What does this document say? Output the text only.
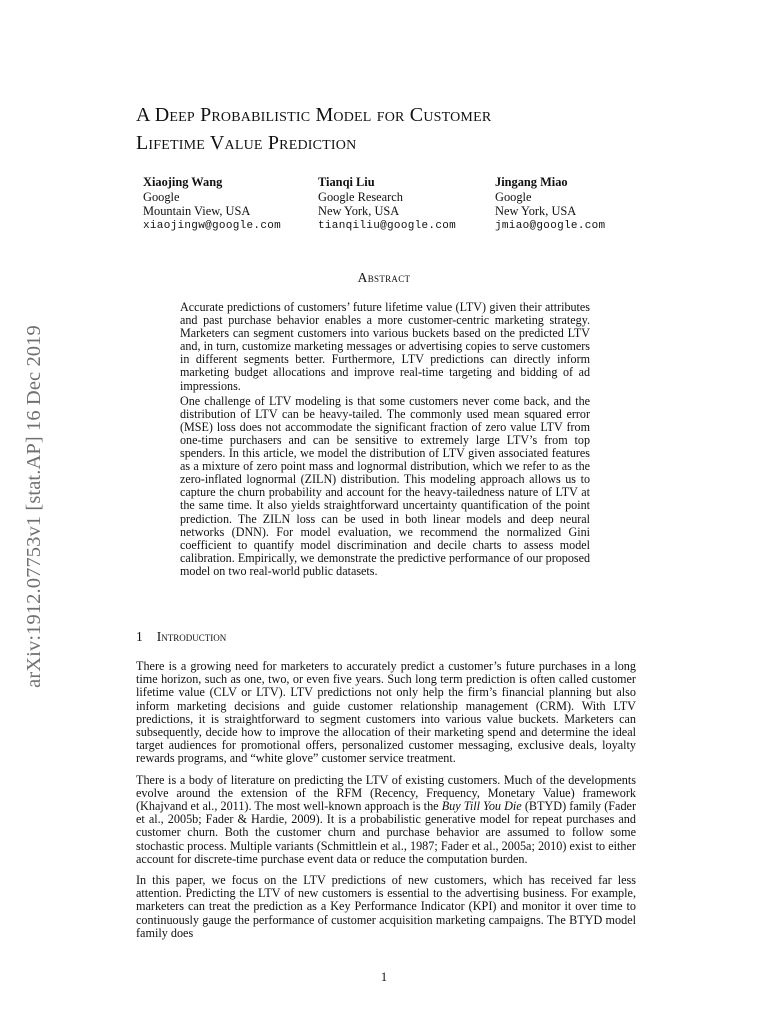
arXiv:1912.07753v1 [stat.AP] 16 Dec 2019
A Deep Probabilistic Model for Customer
Lifetime Value Prediction
Xiaojing Wang
Google
Mountain View, USA
xiaojingw@google.com
Tianqi Liu
Google Research
New York, USA
tianqiliu@google.com
Jingang Miao
Google
New York, USA
jmiao@google.com
Abstract

Accurate predictions of customers’ future lifetime value (LTV) given their attributes and past purchase behavior enables a more customer-centric marketing strategy. Marketers can segment customers into various buckets based on the predicted LTV and, in turn, customize marketing messages or advertising copies to serve customers in different segments better. Furthermore, LTV predictions can directly inform marketing budget allocations and improve real-time targeting and bidding of ad impressions.

One challenge of LTV modeling is that some customers never come back, and the distribution of LTV can be heavy-tailed. The commonly used mean squared error (MSE) loss does not accommodate the significant fraction of zero value LTV from one-time purchasers and can be sensitive to extremely large LTV’s from top spenders. In this article, we model the distribution of LTV given associated features as a mixture of zero point mass and lognormal distribution, which we refer to as the zero-inflated lognormal (ZILN) distribution. This modeling approach allows us to capture the churn probability and account for the heavy-tailedness nature of LTV at the same time. It also yields straightforward uncertainty quantification of the point prediction. The ZILN loss can be used in both linear models and deep neural networks (DNN). For model evaluation, we recommend the normalized Gini coefficient to quantify model discrimination and decile charts to assess model calibration. Empirically, we demonstrate the predictive performance of our proposed model on two real-world public datasets.

1 Introduction

There is a growing need for marketers to accurately predict a customer’s future purchases in a long time horizon, such as one, two, or even five years. Such long term prediction is often called customer lifetime value (CLV or LTV). LTV predictions not only help the firm’s financial planning but also inform marketing decisions and guide customer relationship management (CRM). With LTV predictions, it is straightforward to segment customers into various value buckets. Marketers can subsequently, decide how to improve the allocation of their marketing spend and determine the ideal target audiences for promotional offers, personalized customer messaging, exclusive deals, loyalty rewards programs, and “white glove” customer service treatment.

There is a body of literature on predicting the LTV of existing customers. Much of the developments evolve around the extension of the RFM (Recency, Frequency, Monetary Value) framework (Khajvand et al., 2011). The most well-known approach is the Buy Till You Die (BTYD) family (Fader et al., 2005b; Fader & Hardie, 2009). It is a probabilistic generative model for repeat purchases and customer churn. Both the customer churn and purchase behavior are assumed to follow some stochastic process. Multiple variants (Schmittlein et al., 1987; Fader et al., 2005a; 2010) exist to either account for discrete-time purchase event data or reduce the computation burden.

In this paper, we focus on the LTV predictions of new customers, which has received far less attention. Predicting the LTV of new customers is essential to the advertising business. For example, marketers can treat the prediction as a Key Performance Indicator (KPI) and monitor it over time to continuously gauge the performance of customer acquisition marketing campaigns. The BTYD model family does

1
